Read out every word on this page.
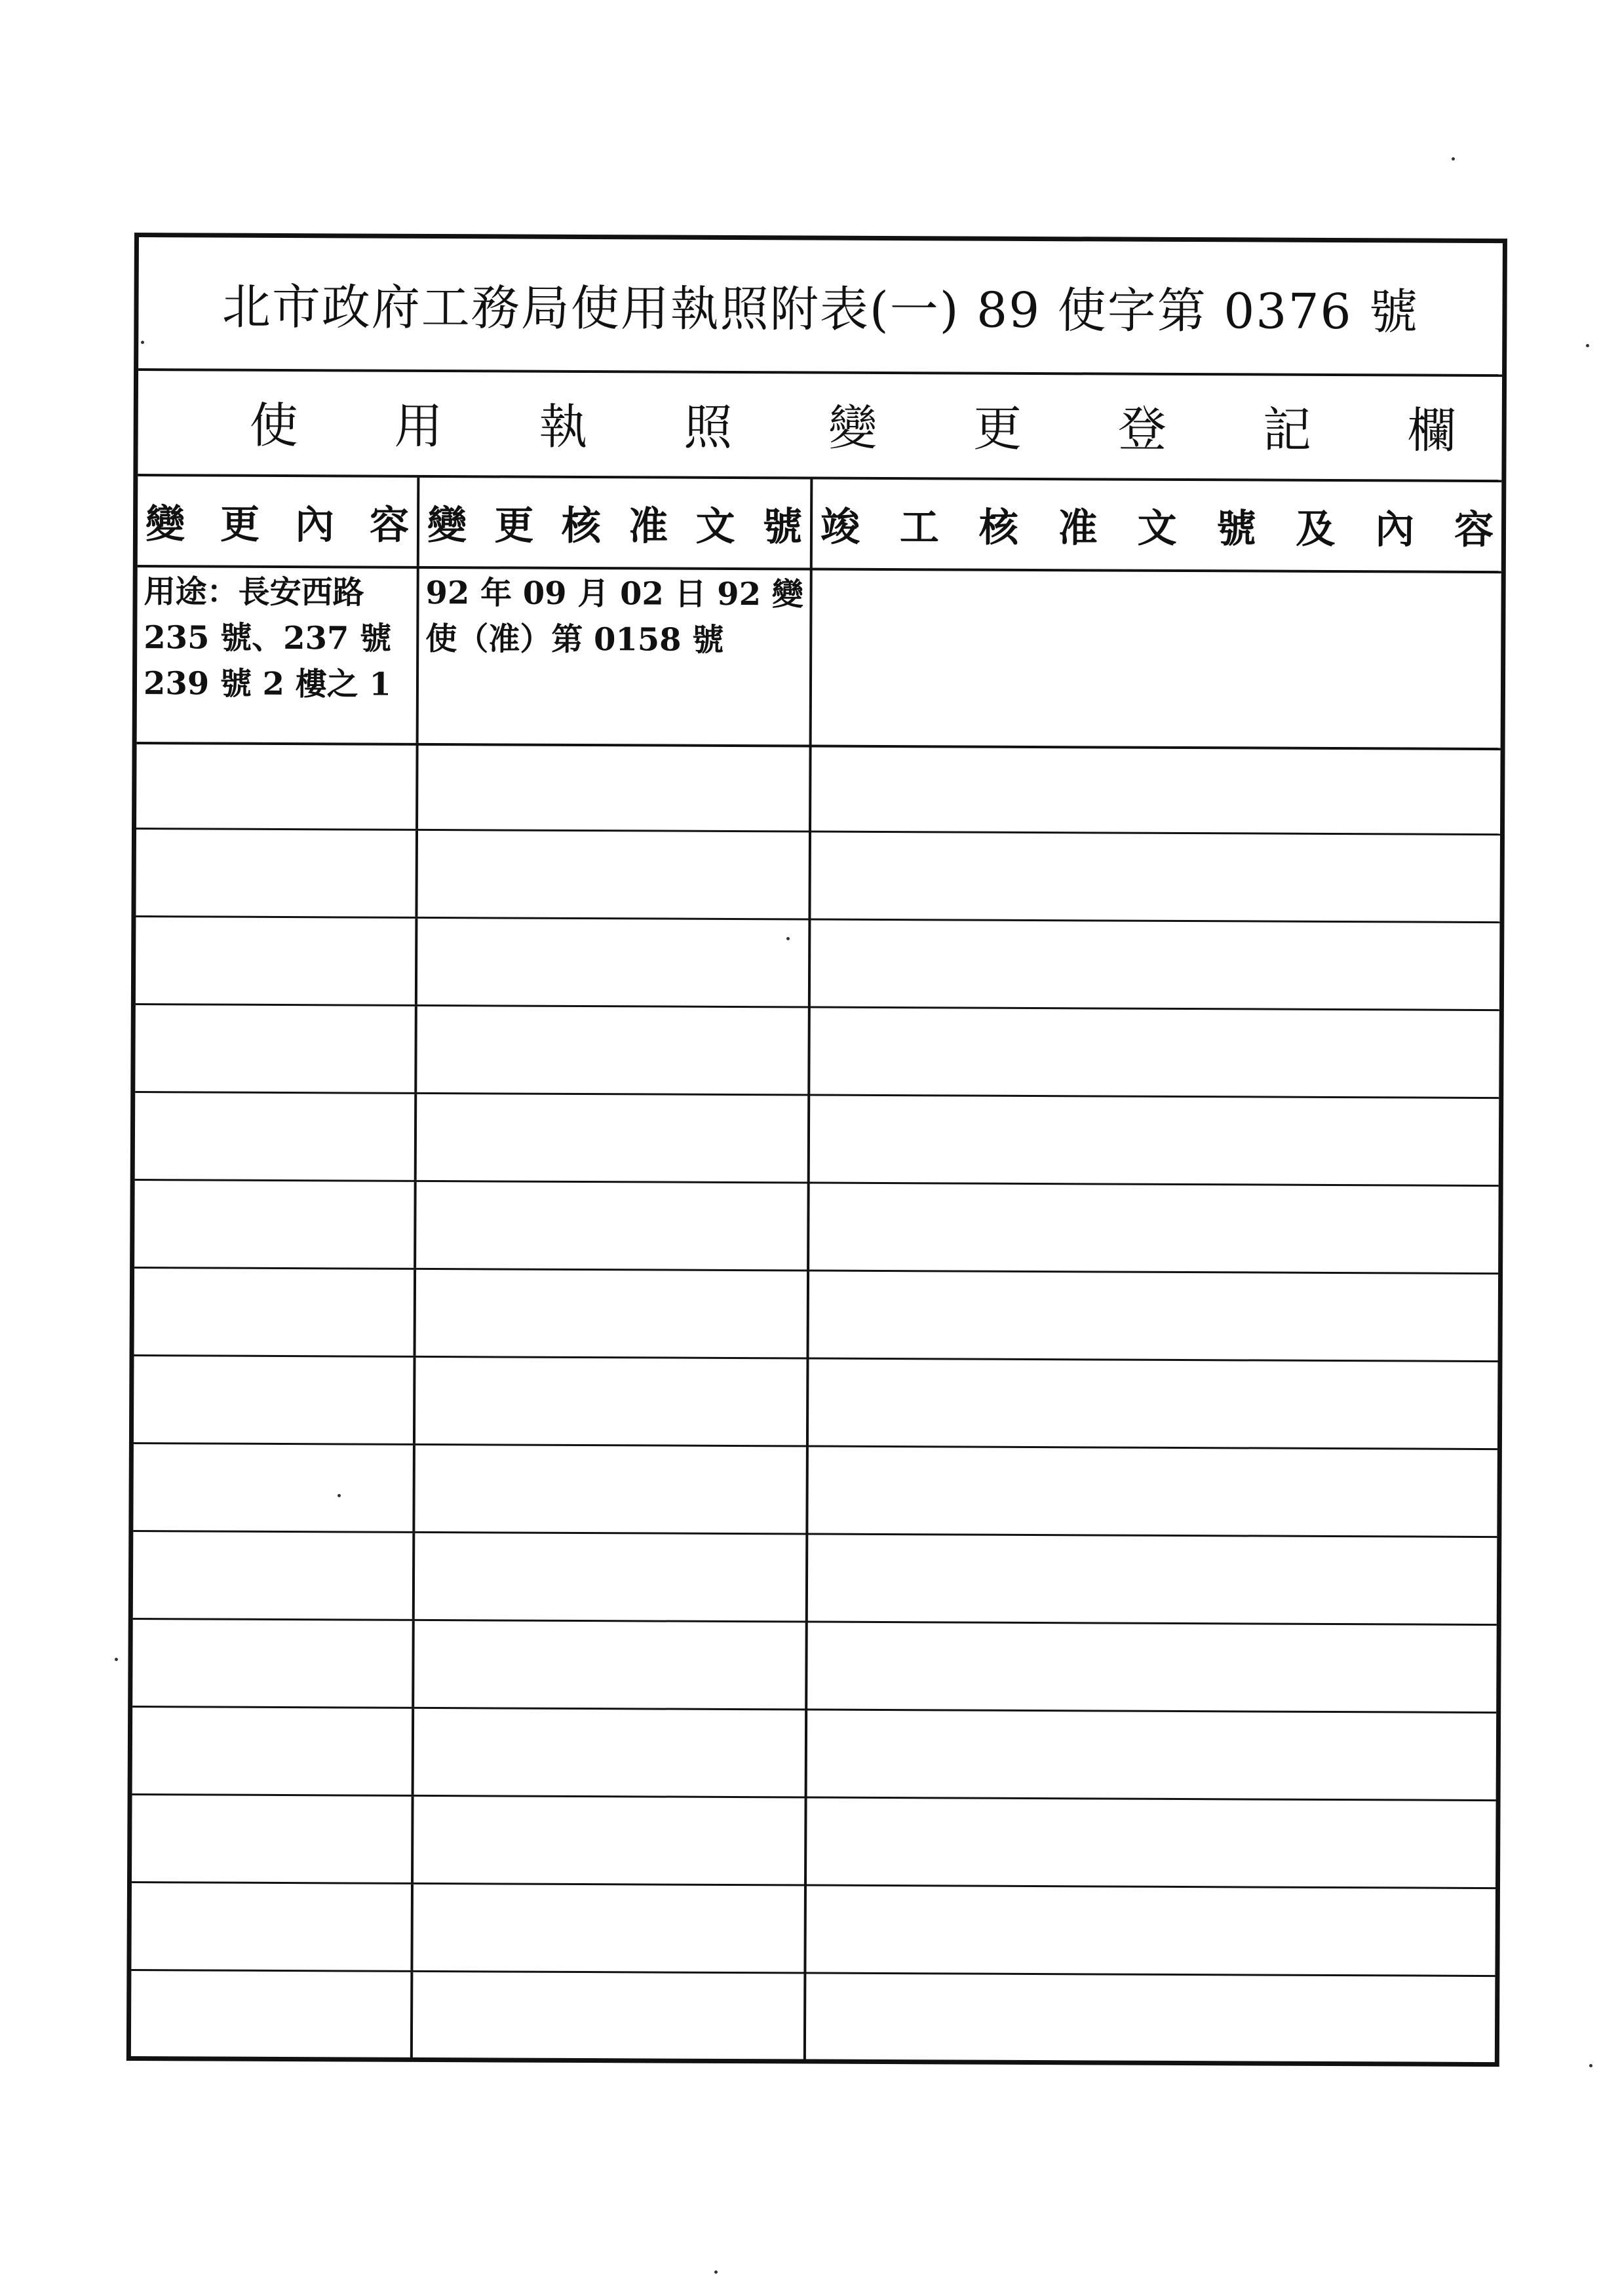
北市政府工務局使用執照附表(一) 89 使字第 0376 號
使 用 執 照 變 更 登 記 欄
變 更 內 容 變 更 核 准 文 號 竣 工 核 准 文 號 及 內 容
用途：長安西路
235 號、237 號
239 號 2 樓之 1
92 年 09 月 02 日 92 變
使（准）第 0158 號
